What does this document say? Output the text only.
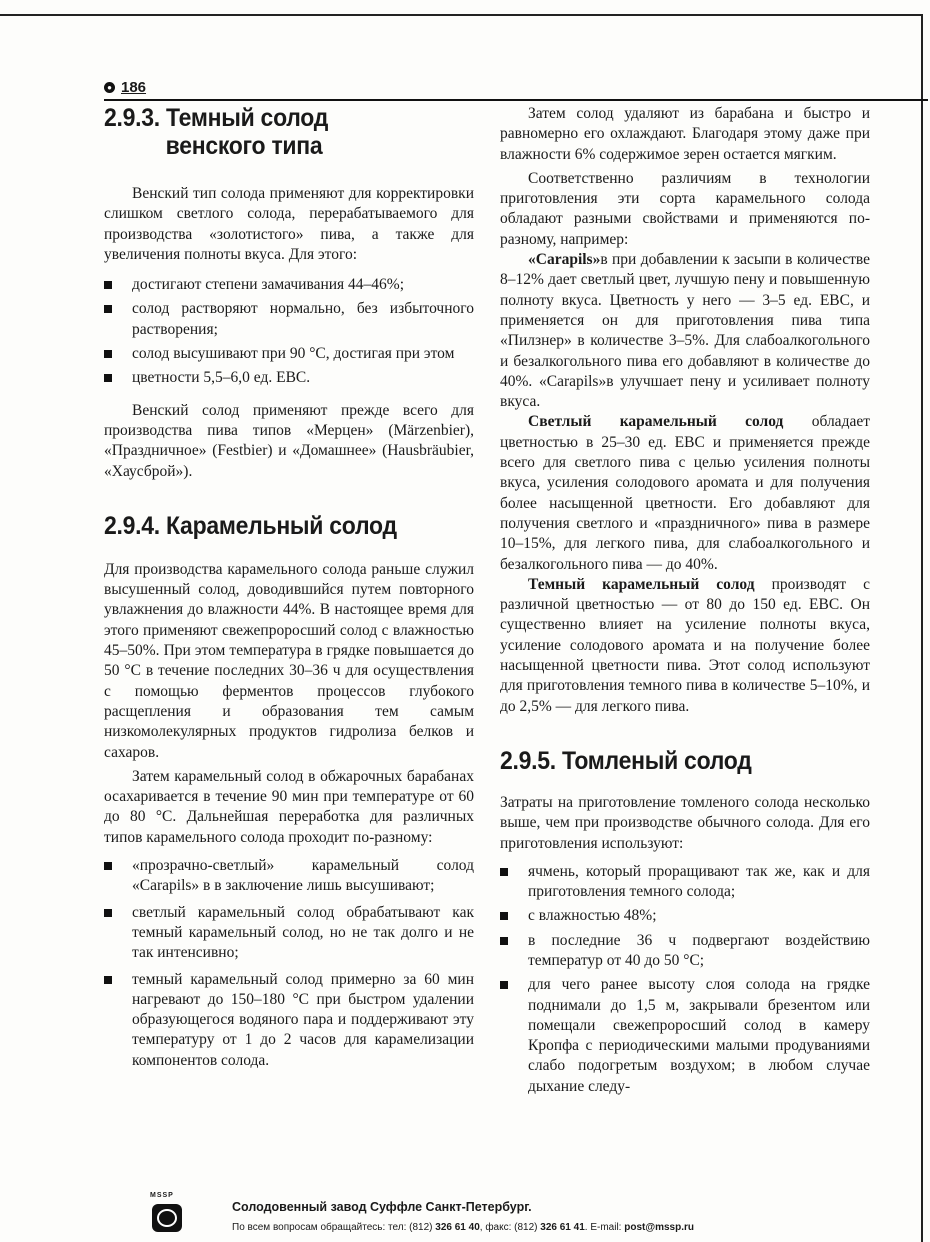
● 186
2.9.3. Темный солод
венского типа

Венский тип солода применяют для корректировки слишком светлого солода, перерабатываемого для производства «золотистого» пива, а также для увеличения полноты вкуса. Для этого:

достигают степени замачивания 44–46%;
солод растворяют нормально, без избыточного растворения;
солод высушивают при 90 °С, достигая при этом
цветности 5,5–6,0 ед. ЕВС.

Венский солод применяют прежде всего для производства пива типов «Мерцен» (Märzenbier), «Праздничное» (Festbier) и «Домашнее» (Hausbräubier, «Хаусброй»).

2.9.4. Карамельный солод

Для производства карамельного солода раньше служил высушенный солод, доводившийся путем повторного увлажнения до влажности 44%. В настоящее время для этого применяют свежепроросший солод с влажностью 45–50%. При этом температура в грядке повышается до 50 °С в течение последних 30–36 ч для осуществления с помощью ферментов процессов глубокого расщепления и образования тем самым низкомолекулярных продуктов гидролиза белков и сахаров.

Затем карамельный солод в обжарочных барабанах осахаривается в течение 90 мин при температуре от 60 до 80 °С. Дальнейшая переработка для различных типов карамельного солода проходит по-разному:

«прозрачно-светлый» карамельный солод «Carapils» в в заключение лишь высушивают;
светлый карамельный солод обрабатывают как темный карамельный солод, но не так долго и не так интенсивно;
темный карамельный солод примерно за 60 мин нагревают до 150–180 °С при быстром удалении образующегося водяного пара и поддерживают эту температуру от 1 до 2 часов для карамелизации компонентов солода.

Затем солод удаляют из барабана и быстро и равномерно его охлаждают. Благодаря этому даже при влажности 6% содержимое зерен остается мягким.

Соответственно различиям в технологии приготовления эти сорта карамельного солода обладают разными свойствами и применяются по-разному, например:

«Carapils»в при добавлении к засыпи в количестве 8–12% дает светлый цвет, лучшую пену и повышенную полноту вкуса. Цветность у него — 3–5 ед. ЕВС, и применяется он для приготовления пива типа «Пилзнер» в количестве 3–5%. Для слабоалкогольного и безалкогольного пива его добавляют в количестве до 40%. «Carapils»в улучшает пену и усиливает полноту вкуса.

Светлый карамельный солод обладает цветностью в 25–30 ед. ЕВС и применяется прежде всего для светлого пива с целью усиления полноты вкуса, усиления солодового аромата и для получения более насыщенной цветности. Его добавляют для получения светлого и «праздничного» пива в размере 10–15%, для легкого пива, для слабоалкогольного и безалкогольного пива — до 40%.

Темный карамельный солод производят с различной цветностью — от 80 до 150 ед. ЕВС. Он существенно влияет на усиление полноты вкуса, усиление солодового аромата и на получение более насыщенной цветности пива. Этот солод используют для приготовления темного пива в количестве 5–10%, и до 2,5% — для легкого пива.

2.9.5. Томленый солод

Затраты на приготовление томленого солода несколько выше, чем при производстве обычного солода. Для его приготовления используют:

ячмень, который проращивают так же, как и для приготовления темного солода;
с влажностью 48%;
в последние 36 ч подвергают воздействию температур от 40 до 50 °С;
для чего ранее высоту слоя солода на грядке поднимали до 1,5 м, закрывали брезентом или помещали свежепроросший солод в камеру Кропфа с периодическими малыми продуваниями слабо подогретым воздухом; в любом случае дыхание следу-
MSSP
Солодовенный завод Суффле Санкт-Петербург.
По всем вопросам обращайтесь: тел: (812) 326 61 40, факс: (812) 326 61 41. E-mail: post@mssp.ru
